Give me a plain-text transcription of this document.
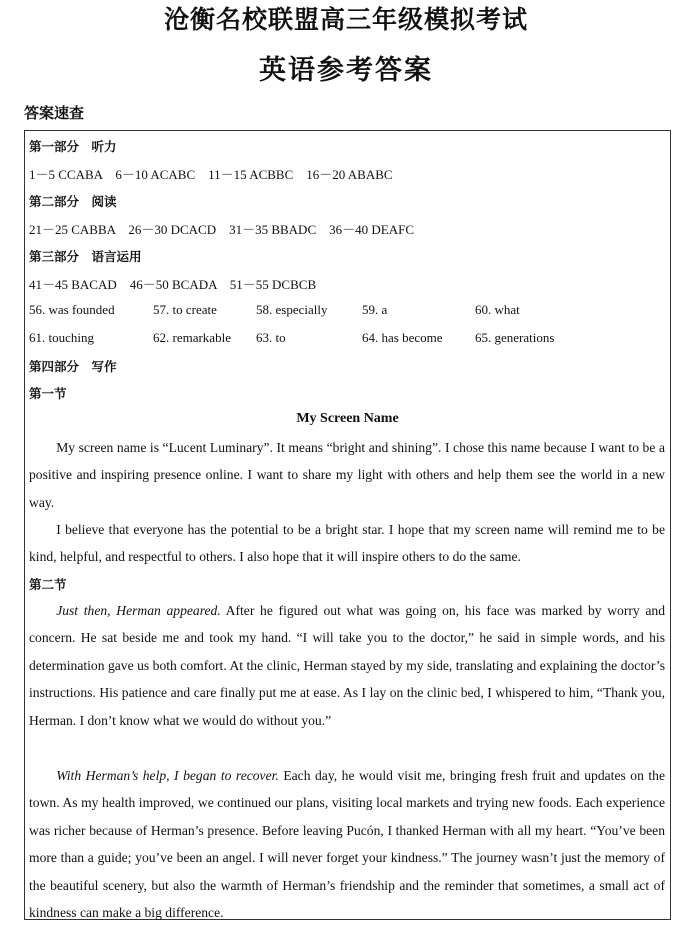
沧衡名校联盟高三年级模拟考试
英语参考答案
答案速查
第一部分　听力
1－5 CCABA　6－10 ACABC　11－15 ACBBC　16－20 ABABC
第二部分　阅读
21－25 CABBA　26－30 DCACD　31－35 BBADC　36－40 DEAFC
第三部分　语言运用
41－45 BACAD　46－50 BCADA　51－55 DCBCB
56. was founded	57. to create	58. especially	59. a	60. what
61. touching	62. remarkable 63. to	64. has become 65. generations
第四部分　写作
第一节
My Screen Name

My screen name is “Lucent Luminary”. It means “bright and shining”. I chose this name because I want to be a positive and inspiring presence online. I want to share my light with others and help them see the world in a new way.

I believe that everyone has the potential to be a bright star. I hope that my screen name will remind me to be kind, helpful, and respectful to others. I also hope that it will inspire others to do the same.

第二节

Just then, Herman appeared. After he figured out what was going on, his face was marked by worry and concern. He sat beside me and took my hand. “I will take you to the doctor,” he said in simple words, and his determination gave us both comfort. At the clinic, Herman stayed by my side, translating and explaining the doctor’s instructions. His patience and care finally put me at ease. As I lay on the clinic bed, I whispered to him, “Thank you, Herman. I don’t know what we would do without you.”

With Herman’s help, I began to recover. Each day, he would visit me, bringing fresh fruit and updates on the town. As my health improved, we continued our plans, visiting local markets and trying new foods. Each experience was richer because of Herman’s presence. Before leaving Pucón, I thanked Herman with all my heart. “You’ve been more than a guide; you’ve been an angel. I will never forget your kindness.” The journey wasn’t just the memory of the beautiful scenery, but also the warmth of Herman’s friendship and the reminder that sometimes, a small act of kindness can make a big difference.
